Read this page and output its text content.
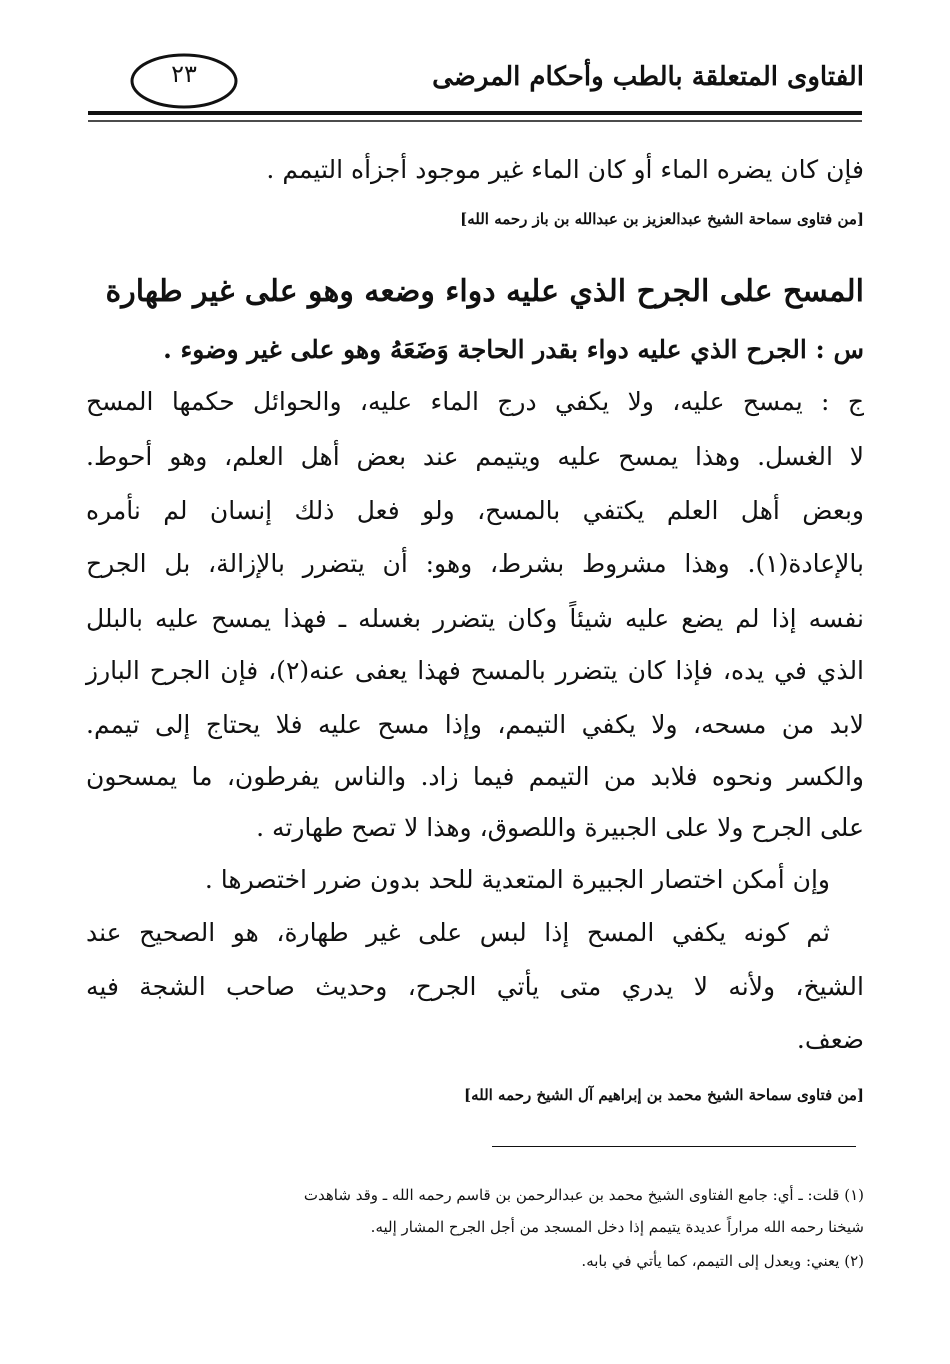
الفتاوى المتعلقة بالطب وأحكام المرضى
٢٣
فإن كان يضره الماء أو كان الماء غير موجود أجزأه التيمم .
[من فتاوى سماحة الشيخ عبدالعزيز بن عبدالله بن باز رحمه الله]
المسح على الجرح الذي عليه دواء وضعه وهو على غير طهارة
س : الجرح الذي عليه دواء بقدر الحاجة وَضَعَهُ وهو على غير وضوء .
ج : يمسح عليه، ولا يكفي درج الماء عليه، والحوائل حكمها المسح
لا الغسل. وهذا يمسح عليه ويتيمم عند بعض أهل العلم، وهو أحوط.
وبعض أهل العلم يكتفي بالمسح، ولو فعل ذلك إنسان لم نأمره
بالإعادة(١). وهذا مشروط بشرط، وهو: أن يتضرر بالإزالة، بل الجرح
نفسه إذا لم يضع عليه شيئاً وكان يتضرر بغسله ـ فهذا يمسح عليه بالبلل
الذي في يده، فإذا كان يتضرر بالمسح فهذا يعفى عنه(٢)، فإن الجرح البارز
لابد من مسحه، ولا يكفي التيمم، وإذا مسح عليه فلا يحتاج إلى تيمم.
والكسر ونحوه فلابد من التيمم فيما زاد. والناس يفرطون، ما يمسحون
على الجرح ولا على الجبيرة واللصوق، وهذا لا تصح طهارته .
وإن أمكن اختصار الجبيرة المتعدية للحد بدون ضرر اختصرها .
ثم كونه يكفي المسح إذا لبس على غير طهارة، هو الصحيح عند
الشيخ، ولأنه لا يدري متى يأتي الجرح، وحديث صاحب الشجة فيه
ضعف.
[من فتاوى سماحة الشيخ محمد بن إبراهيم آل الشيخ رحمه الله]
(١) قلت: ـ أي: جامع الفتاوى الشيخ محمد بن عبدالرحمن بن قاسم رحمه الله ـ وقد شاهدت
شيخنا رحمه الله مراراً عديدة يتيمم إذا دخل المسجد من أجل الجرح المشار إليه.
(٢) يعني: ويعدل إلى التيمم، كما يأتي في بابه.
